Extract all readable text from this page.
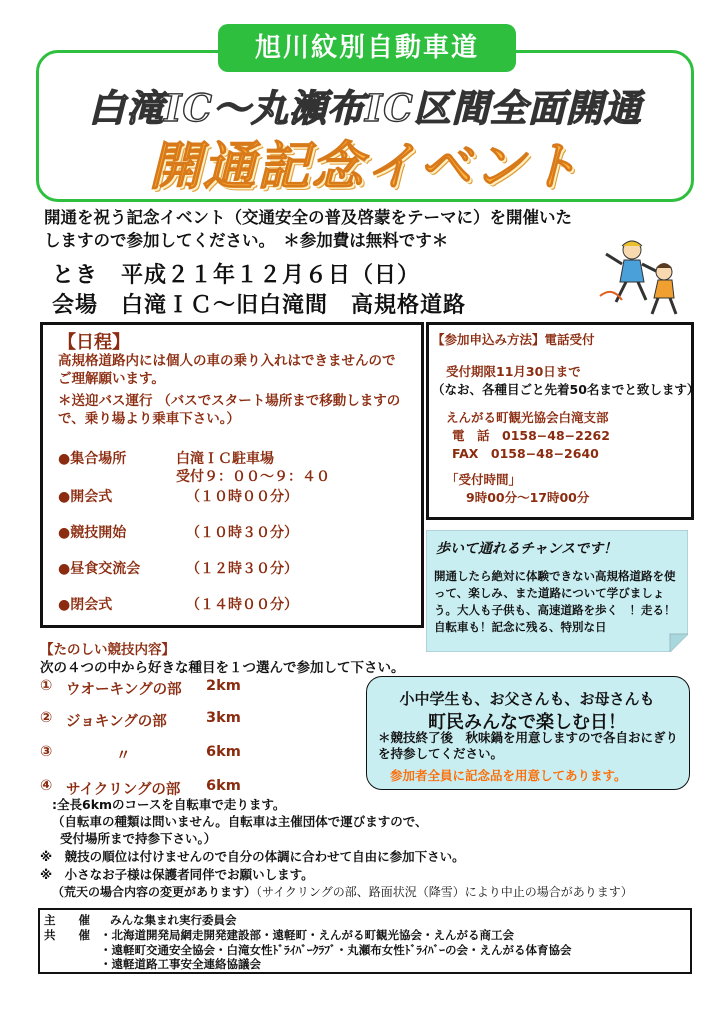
旭川紋別自動車道
白滝IC〜丸瀬布IC区間全面開通
開通記念イベント
開通を祝う記念イベント（交通安全の普及啓蒙をテーマに）を開催いた
しますので参加してください。　＊参加費は無料です＊
とき　平成２１年１２月６日（日）
会場　白滝ＩＣ〜旧白滝間　高規格道路
【日程】
高規格道路内には個人の車の乗り入れはできませんのでご理解願います。
＊送迎バス運行 （バスでスタート場所まで移動しますので、乗り場より乗車下さい。）
●集合場所	白滝ＩＣ駐車場
受付９：００〜９：４０
●開会式	（１０時００分）
●競技開始	（１０時３０分）
●昼食交流会	（１２時３０分）
●閉会式	（１４時００分）
【参加申込み方法】電話受付
受付期限11月30日まで
（なお、各種目ごと先着50名までと致します）
えんがる町観光協会白滝支部
電　話　0158−48−2262
FAX　0158−48−2640
「受付時間」
9時00分〜17時00分
歩いて通れるチャンスです！
開通したら絶対に体験できない高規格道路を使って、楽しみ、また道路について学びましょう。大人も子供も、高速道路を歩く　！走る！自転車も！記念に残る、特別な日
【たのしい競技内容】
次の４つの中から好きな種目を１つ選んで参加して下さい。
① ウオーキングの部 2km
② ジョキングの部	3km
③	〃	6km
④ サイクリングの部 6km
:全長6kmのコースを自転車で走ります。
（自転車の種類は問いません。自転車は主催団体で運びますので、
受付場所まで持参下さい。）
※　競技の順位は付けませんので自分の体調に合わせて自由に参加下さい。
※　小さなお子様は保護者同伴でお願いします。
（荒天の場合内容の変更があります）（サイクリングの部、路面状況（降雪）により中止の場合があります）
小中学生も、お父さんも、お母さんも
町民みんなで楽しむ日！
＊競技終了後　秋味鍋を用意しますので各自おにぎりを持参してください。
参加者全員に記念品を用意してあります。
主　　催 みんな集まれ実行委員会
共　　催 ・北海道開発局網走開発建設部・遠軽町・えんがる町観光協会・えんがる商工会
・遠軽町交通安全協会・白滝女性ﾄﾞﾗｲﾊﾞｰｸﾗﾌﾞ・丸瀬布女性ﾄﾞﾗｲﾊﾞｰの会・えんがる体育協会
・遠軽道路工事安全連絡協議会
